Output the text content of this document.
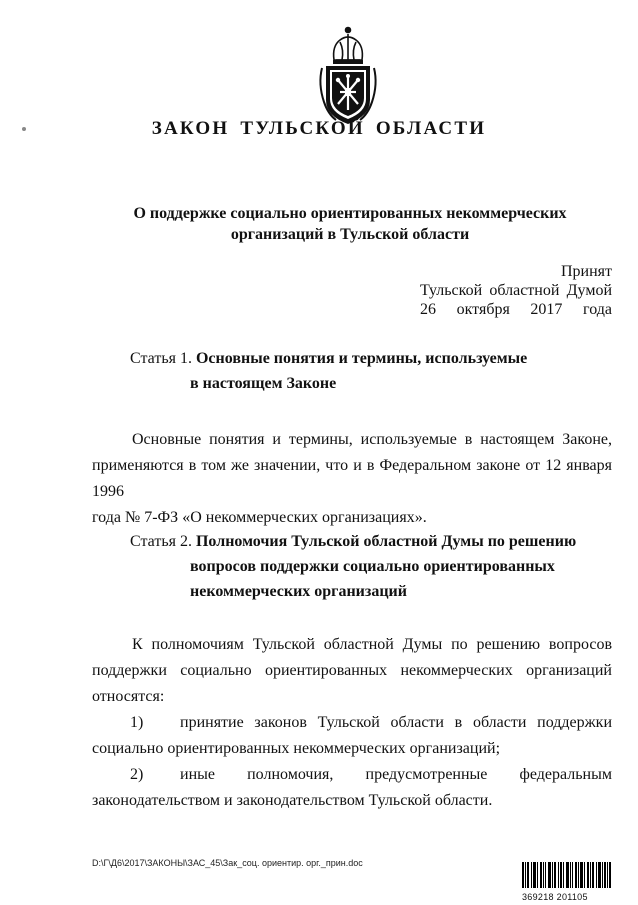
ЗАКОН ТУЛЬСКОЙ ОБЛАСТИ
О поддержке социально ориентированных некоммерческих
организаций в Тульской области
Принят
Тульской областной Думой
26 октября 2017 года
Статья 1. Основные понятия и термины, используемые
в настоящем Законе
Основные понятия и термины, используемые в настоящем Законе,
применяются в том же значении, что и в Федеральном законе от 12 января 1996
года № 7-ФЗ «О некоммерческих организациях».
Статья 2. Полномочия Тульской областной Думы по решению
вопросов поддержки социально ориентированных
некоммерческих организаций
К полномочиям Тульской областной Думы по решению вопросов
поддержки социально ориентированных некоммерческих организаций
относятся:
1)	принятие законов Тульской области в области поддержки
социально ориентированных некоммерческих организаций;
2)	иные полномочия, предусмотренные федеральным
законодательством и законодательством Тульской области.
D:\Г\Д6\2017\ЗАКОНЫ\ЗАС_45\Зак_соц. ориентир. орг._прин.doc
369218 201105
